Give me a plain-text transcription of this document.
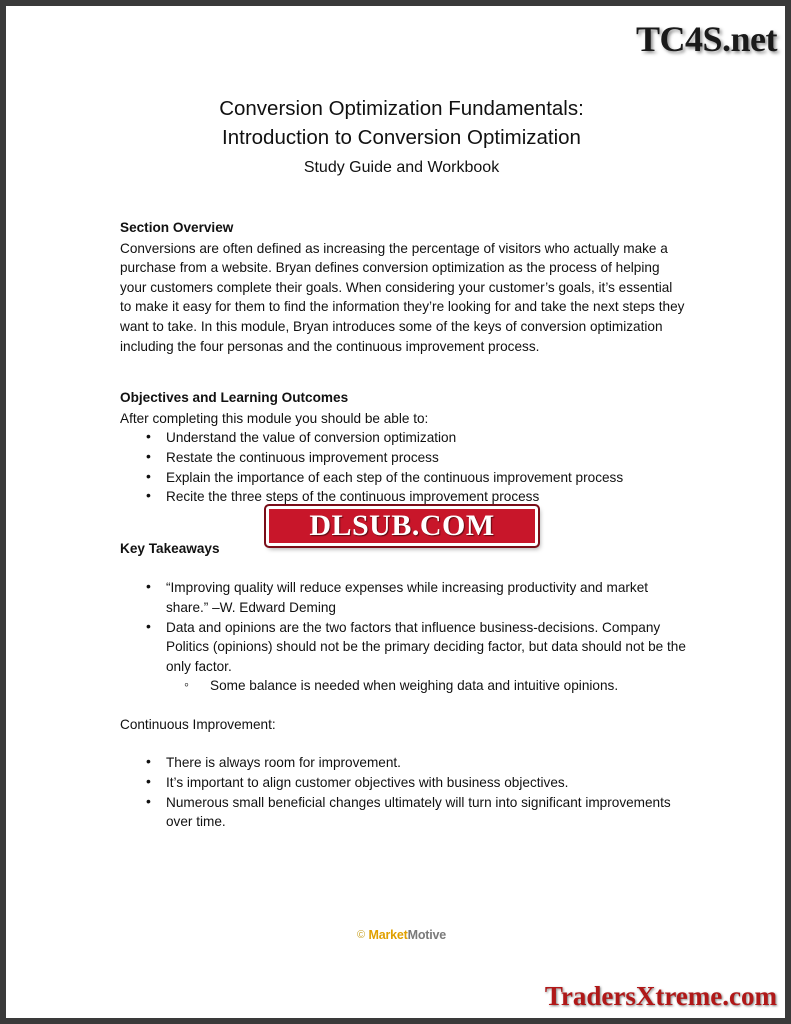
TC4S.net
Conversion Optimization Fundamentals:
Introduction to Conversion Optimization
Study Guide and Workbook
Section Overview

Conversions are often defined as increasing the percentage of visitors who actually make a purchase from a website. Bryan defines conversion optimization as the process of helping your customers complete their goals. When considering your customer’s goals, it’s essential to make it easy for them to find the information they’re looking for and take the next steps they want to take. In this module, Bryan introduces some of the keys of conversion optimization including the four personas and the continuous improvement process.

Objectives and Learning Outcomes

After completing this module you should be able to:

• Understand the value of conversion optimization
• Restate the continuous improvement process
• Explain the importance of each step of the continuous improvement process
• Recite the three steps of the continuous improvement process
Key Takeaways
• “Improving quality will reduce expenses while increasing productivity and market share.” –W. Edward Deming
• Data and opinions are the two factors that influence business-decisions. Company Politics (opinions) should not be the primary deciding factor, but data should not be the only factor.
◦ Some balance is needed when weighing data and intuitive opinions.

Continuous Improvement:

• There is always room for improvement.
• It’s important to align customer objectives with business objectives.
• Numerous small beneficial changes ultimately will turn into significant improvements over time.
DLSUB.COM
© MarketMotive
TradersXtreme.com
